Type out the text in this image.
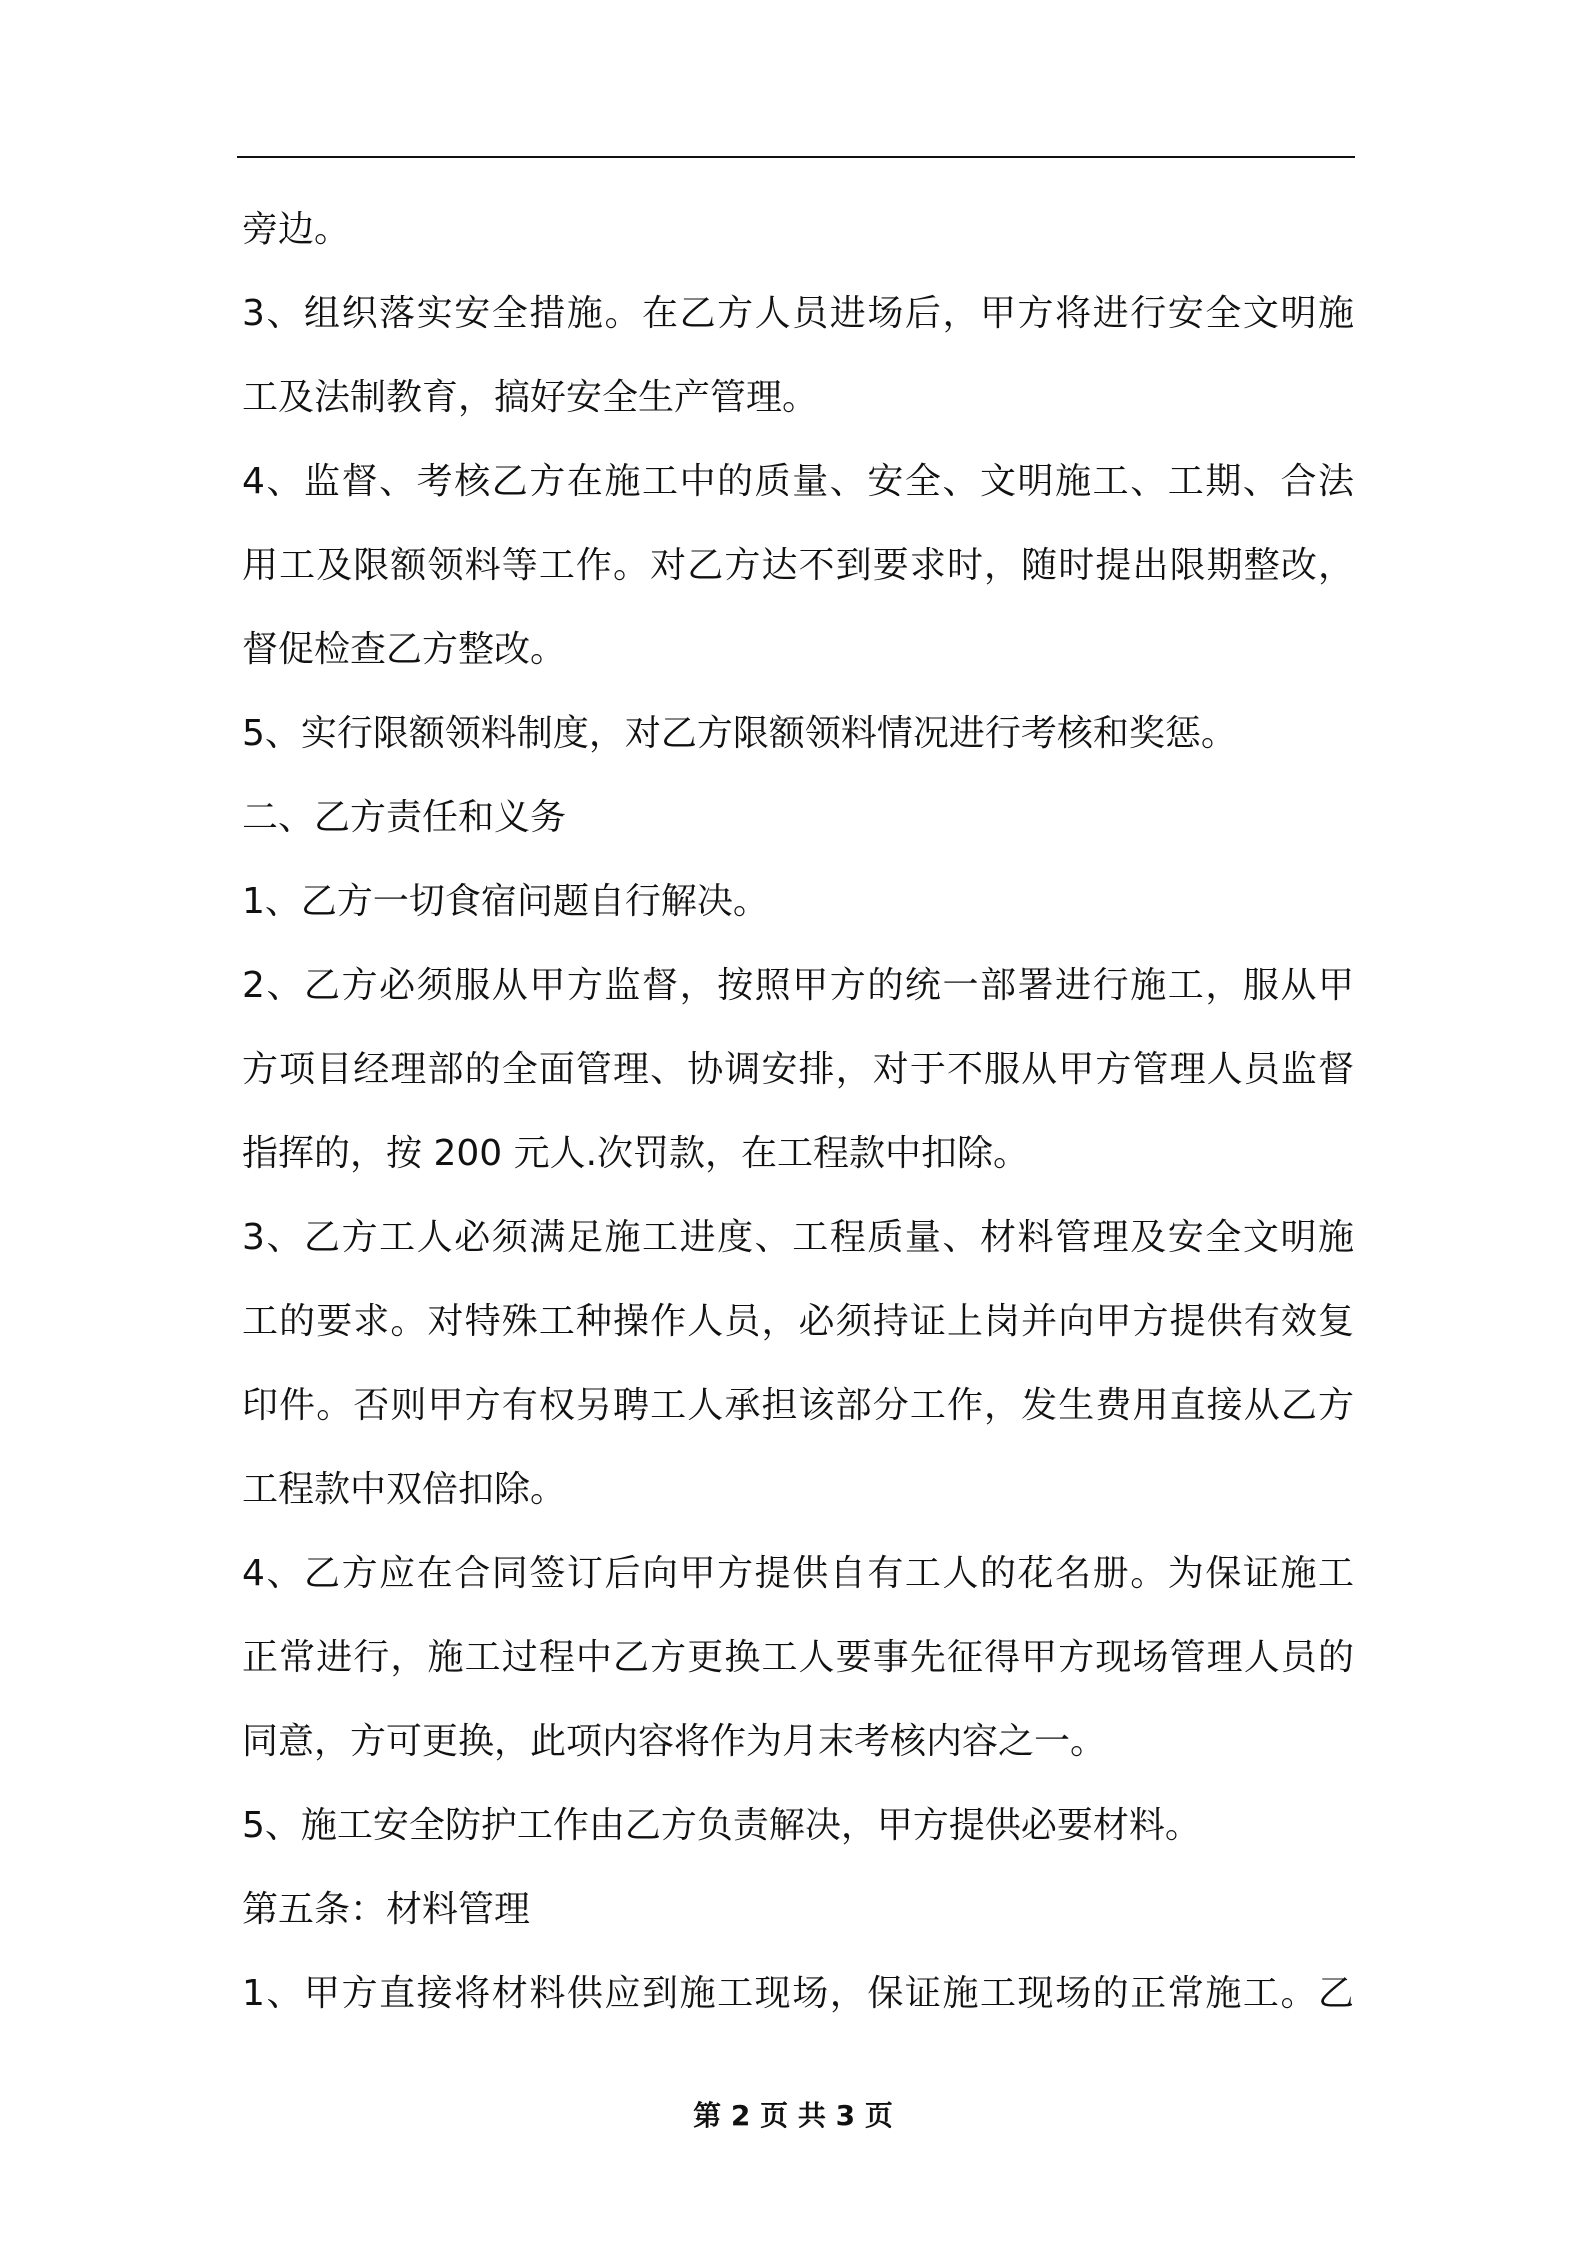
旁边。
3、组织落实安全措施。在乙方人员进场后，甲方将进行安全文明施
工及法制教育，搞好安全生产管理。
4、监督、考核乙方在施工中的质量、安全、文明施工、工期、合法
用工及限额领料等工作。对乙方达不到要求时，随时提出限期整改，
督促检查乙方整改。
5、实行限额领料制度，对乙方限额领料情况进行考核和奖惩。
二、乙方责任和义务
1、乙方一切食宿问题自行解决。
2、乙方必须服从甲方监督，按照甲方的统一部署进行施工，服从甲
方项目经理部的全面管理、协调安排，对于不服从甲方管理人员监督
指挥的，按 200 元人.次罚款，在工程款中扣除。
3、乙方工人必须满足施工进度、工程质量、材料管理及安全文明施
工的要求。对特殊工种操作人员，必须持证上岗并向甲方提供有效复
印件。否则甲方有权另聘工人承担该部分工作，发生费用直接从乙方
工程款中双倍扣除。
4、乙方应在合同签订后向甲方提供自有工人的花名册。为保证施工
正常进行，施工过程中乙方更换工人要事先征得甲方现场管理人员的
同意，方可更换，此项内容将作为月末考核内容之一。
5、施工安全防护工作由乙方负责解决，甲方提供必要材料。
第五条：材料管理
1、甲方直接将材料供应到施工现场，保证施工现场的正常施工。乙
第 2 页 共 3 页
